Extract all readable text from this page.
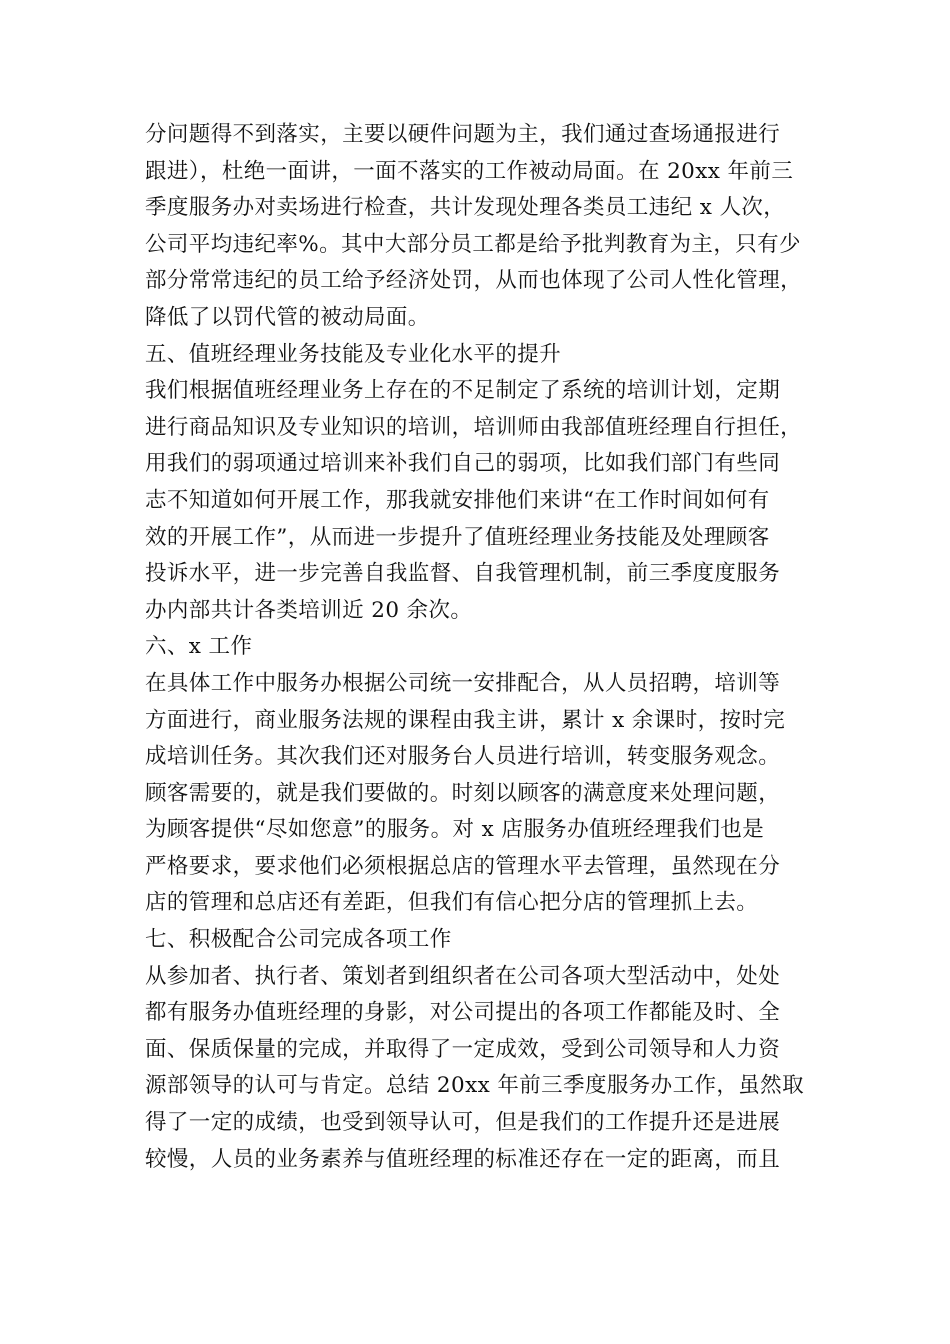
分问题得不到落实，主要以硬件问题为主，我们通过查场通报进行
跟进），杜绝一面讲，一面不落实的工作被动局面。在 20xx 年前三
季度服务办对卖场进行检查，共计发现处理各类员工违纪 x 人次，
公司平均违纪率%。其中大部分员工都是给予批判教育为主，只有少
部分常常违纪的员工给予经济处罚，从而也体现了公司人性化管理，
降低了以罚代管的被动局面。
五、值班经理业务技能及专业化水平的提升
我们根据值班经理业务上存在的不足制定了系统的培训计划，定期
进行商品知识及专业知识的培训，培训师由我部值班经理自行担任，
用我们的弱项通过培训来补我们自己的弱项，比如我们部门有些同
志不知道如何开展工作，那我就安排他们来讲“在工作时间如何有
效的开展工作”，从而进一步提升了值班经理业务技能及处理顾客
投诉水平，进一步完善自我监督、自我管理机制，前三季度度服务
办内部共计各类培训近 20 余次。
六、x 工作
在具体工作中服务办根据公司统一安排配合，从人员招聘，培训等
方面进行，商业服务法规的课程由我主讲，累计 x 余课时，按时完
成培训任务。其次我们还对服务台人员进行培训，转变服务观念。
顾客需要的，就是我们要做的。时刻以顾客的满意度来处理问题，
为顾客提供“尽如您意”的服务。对 x 店服务办值班经理我们也是
严格要求，要求他们必须根据总店的管理水平去管理，虽然现在分
店的管理和总店还有差距，但我们有信心把分店的管理抓上去。
七、积极配合公司完成各项工作
从参加者、执行者、策划者到组织者在公司各项大型活动中，处处
都有服务办值班经理的身影，对公司提出的各项工作都能及时、全
面、保质保量的完成，并取得了一定成效，受到公司领导和人力资
源部领导的认可与肯定。总结 20xx 年前三季度服务办工作，虽然取
得了一定的成绩，也受到领导认可，但是我们的工作提升还是进展
较慢，人员的业务素养与值班经理的标准还存在一定的距离，而且
